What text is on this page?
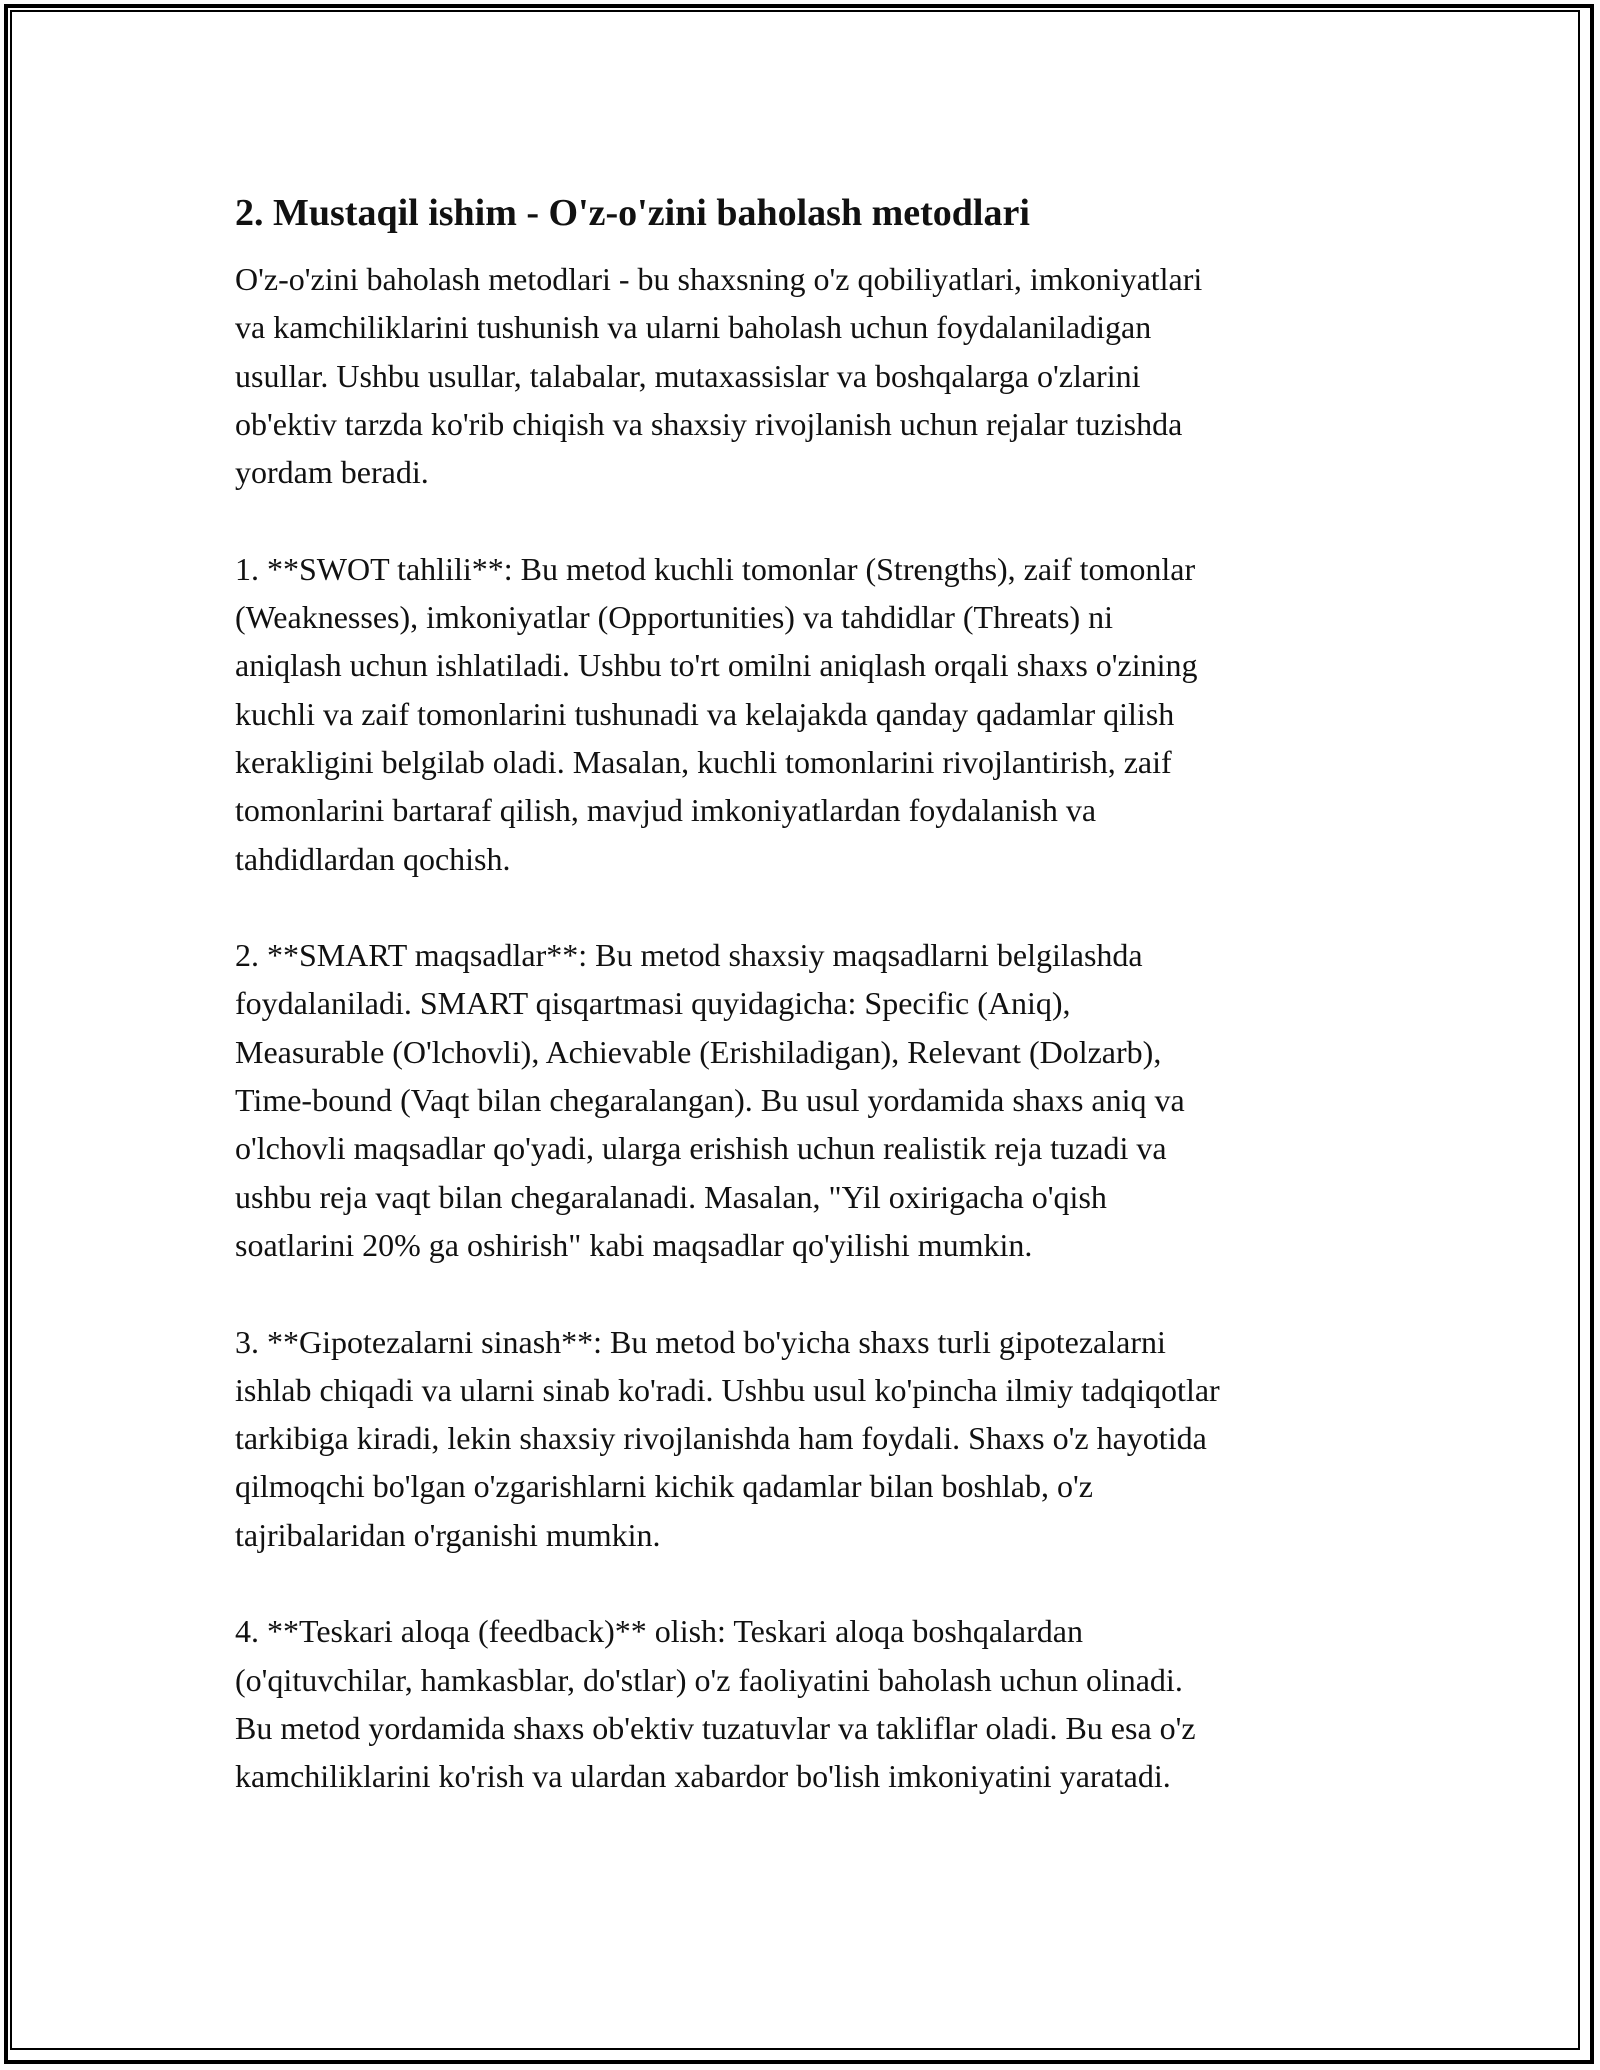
2. Mustaqil ishim - O'z-o'zini baholash metodlari

O'z-o'zini baholash metodlari - bu shaxsning o'z qobiliyatlari, imkoniyatlari
va kamchiliklarini tushunish va ularni baholash uchun foydalaniladigan
usullar. Ushbu usullar, talabalar, mutaxassislar va boshqalarga o'zlarini
ob'ektiv tarzda ko'rib chiqish va shaxsiy rivojlanish uchun rejalar tuzishda
yordam beradi.

1. **SWOT tahlili**: Bu metod kuchli tomonlar (Strengths), zaif tomonlar
(Weaknesses), imkoniyatlar (Opportunities) va tahdidlar (Threats) ni
aniqlash uchun ishlatiladi. Ushbu to'rt omilni aniqlash orqali shaxs o'zining
kuchli va zaif tomonlarini tushunadi va kelajakda qanday qadamlar qilish
kerakligini belgilab oladi. Masalan, kuchli tomonlarini rivojlantirish, zaif
tomonlarini bartaraf qilish, mavjud imkoniyatlardan foydalanish va
tahdidlardan qochish.

2. **SMART maqsadlar**: Bu metod shaxsiy maqsadlarni belgilashda
foydalaniladi. SMART qisqartmasi quyidagicha: Specific (Aniq),
Measurable (O'lchovli), Achievable (Erishiladigan), Relevant (Dolzarb),
Time-bound (Vaqt bilan chegaralangan). Bu usul yordamida shaxs aniq va
o'lchovli maqsadlar qo'yadi, ularga erishish uchun realistik reja tuzadi va
ushbu reja vaqt bilan chegaralanadi. Masalan, "Yil oxirigacha o'qish
soatlarini 20% ga oshirish" kabi maqsadlar qo'yilishi mumkin.

3. **Gipotezalarni sinash**: Bu metod bo'yicha shaxs turli gipotezalarni
ishlab chiqadi va ularni sinab ko'radi. Ushbu usul ko'pincha ilmiy tadqiqotlar
tarkibiga kiradi, lekin shaxsiy rivojlanishda ham foydali. Shaxs o'z hayotida
qilmoqchi bo'lgan o'zgarishlarni kichik qadamlar bilan boshlab, o'z
tajribalaridan o'rganishi mumkin.

4. **Teskari aloqa (feedback)** olish: Teskari aloqa boshqalardan
(o'qituvchilar, hamkasblar, do'stlar) o'z faoliyatini baholash uchun olinadi.
Bu metod yordamida shaxs ob'ektiv tuzatuvlar va takliflar oladi. Bu esa o'z
kamchiliklarini ko'rish va ulardan xabardor bo'lish imkoniyatini yaratadi.
